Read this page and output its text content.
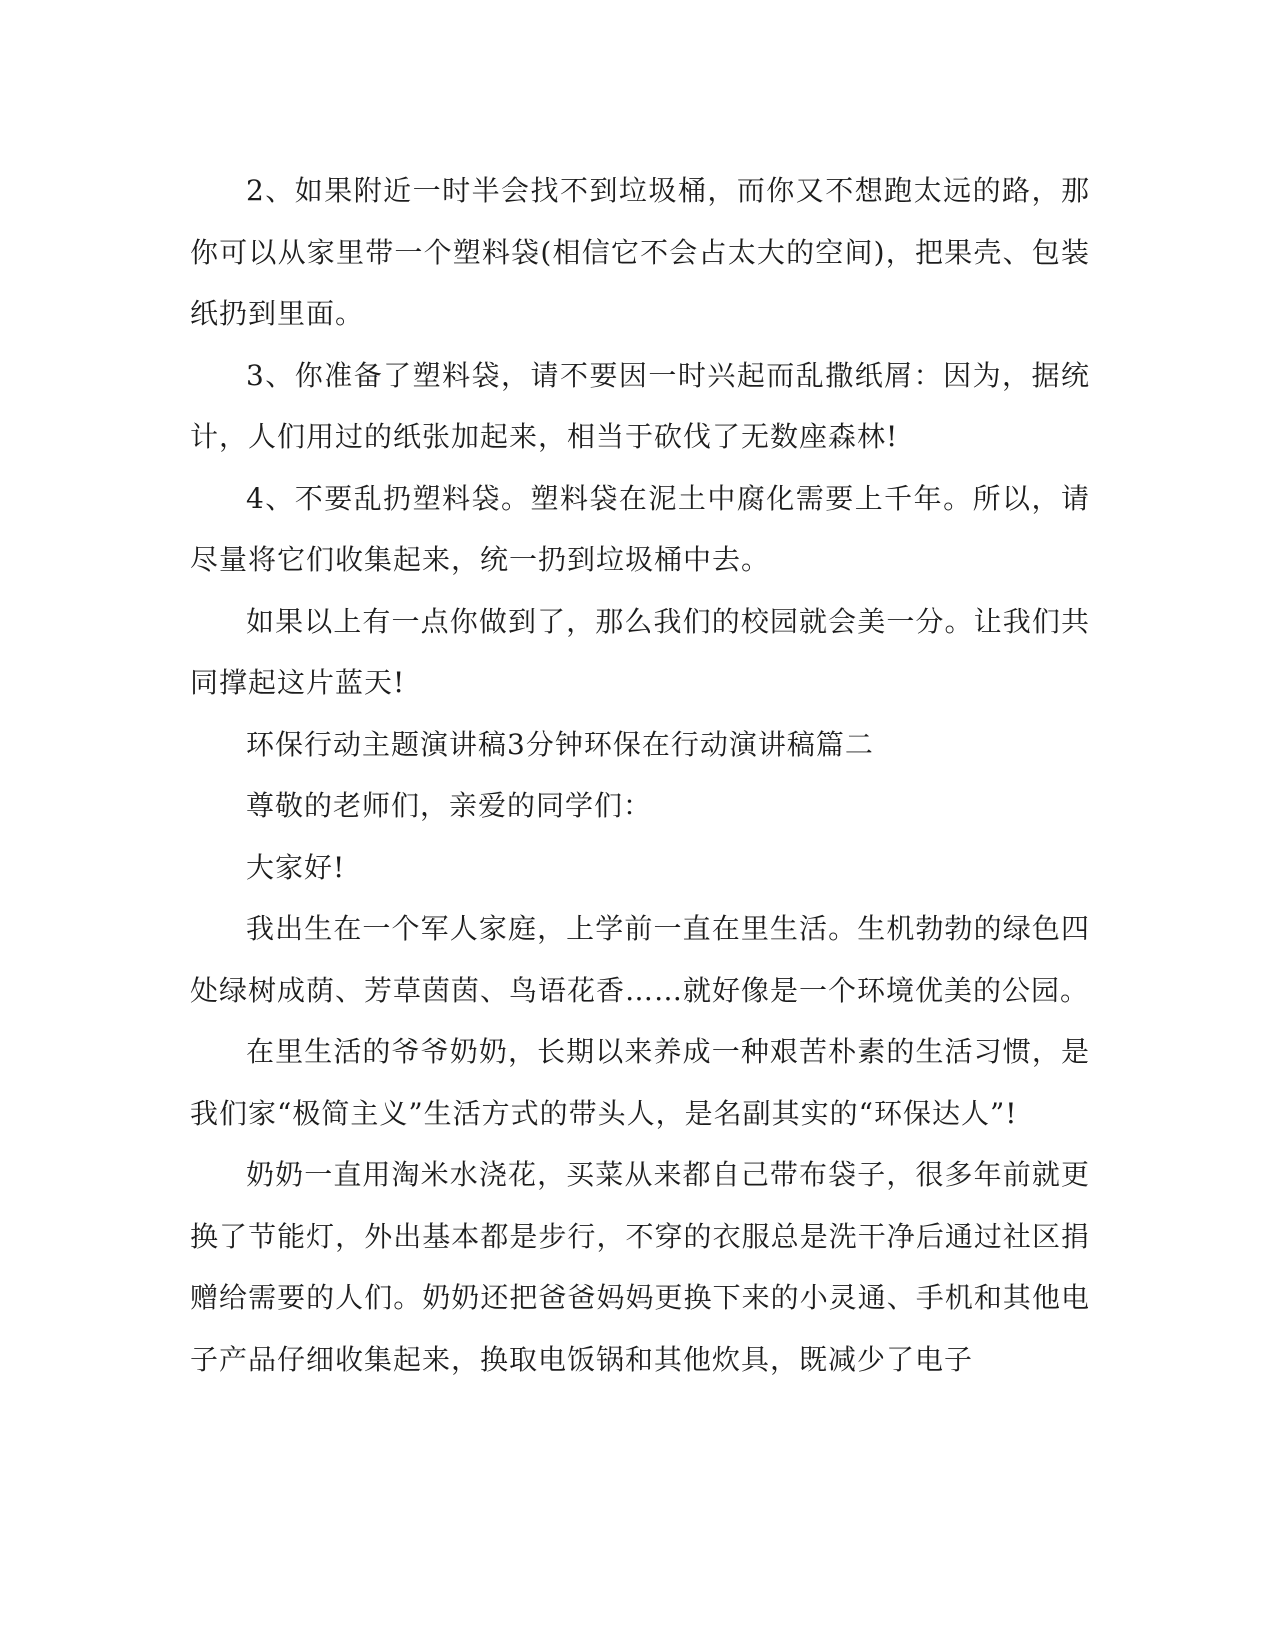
2、如果附近一时半会找不到垃圾桶，而你又不想跑太远的路，那你可以从家里带一个塑料袋(相信它不会占太大的空间)，把果壳、包装纸扔到里面。

3、你准备了塑料袋，请不要因一时兴起而乱撒纸屑：因为，据统计，人们用过的纸张加起来，相当于砍伐了无数座森林!

4、不要乱扔塑料袋。塑料袋在泥土中腐化需要上千年。所以，请尽量将它们收集起来，统一扔到垃圾桶中去。

如果以上有一点你做到了，那么我们的校园就会美一分。让我们共同撑起这片蓝天!

环保行动主题演讲稿3分钟环保在行动演讲稿篇二

尊敬的老师们，亲爱的同学们：

大家好!

我出生在一个军人家庭，上学前一直在里生活。生机勃勃的绿色四处绿树成荫、芳草茵茵、鸟语花香……就好像是一个环境优美的公园。

在里生活的爷爷奶奶，长期以来养成一种艰苦朴素的生活习惯，是我们家“极简主义”生活方式的带头人，是名副其实的“环保达人”!

奶奶一直用淘米水浇花，买菜从来都自己带布袋子，很多年前就更换了节能灯，外出基本都是步行，不穿的衣服总是洗干净后通过社区捐赠给需要的人们。奶奶还把爸爸妈妈更换下来的小灵通、手机和其他电子产品仔细收集起来，换取电饭锅和其他炊具，既减少了电子
